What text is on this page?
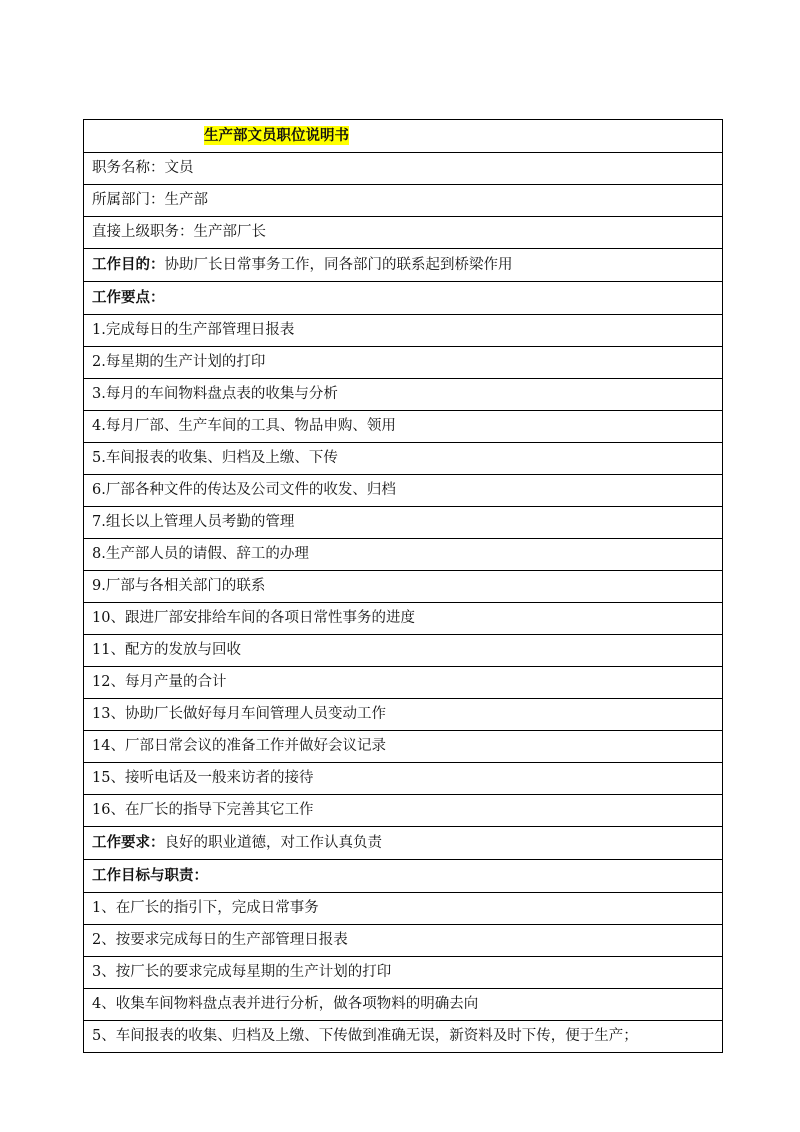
生产部文员职位说明书
职务名称：文员
所属部门：生产部
直接上级职务：生产部厂长
工作目的：协助厂长日常事务工作，同各部门的联系起到桥梁作用
工作要点：
1.完成每日的生产部管理日报表
2.每星期的生产计划的打印
3.每月的车间物料盘点表的收集与分析
4.每月厂部、生产车间的工具、物品申购、领用
5.车间报表的收集、归档及上缴、下传
6.厂部各种文件的传达及公司文件的收发、归档
7.组长以上管理人员考勤的管理
8.生产部人员的请假、辞工的办理
9.厂部与各相关部门的联系
10、跟进厂部安排给车间的各项日常性事务的进度
11、配方的发放与回收
12、每月产量的合计
13、协助厂长做好每月车间管理人员变动工作
14、厂部日常会议的准备工作并做好会议记录
15、接听电话及一般来访者的接待
16、在厂长的指导下完善其它工作
工作要求：良好的职业道德，对工作认真负责
工作目标与职责：
1、在厂长的指引下，完成日常事务
2、按要求完成每日的生产部管理日报表
3、按厂长的要求完成每星期的生产计划的打印
4、收集车间物料盘点表并进行分析，做各项物料的明确去向
5、车间报表的收集、归档及上缴、下传做到准确无误，新资料及时下传，便于生产；
